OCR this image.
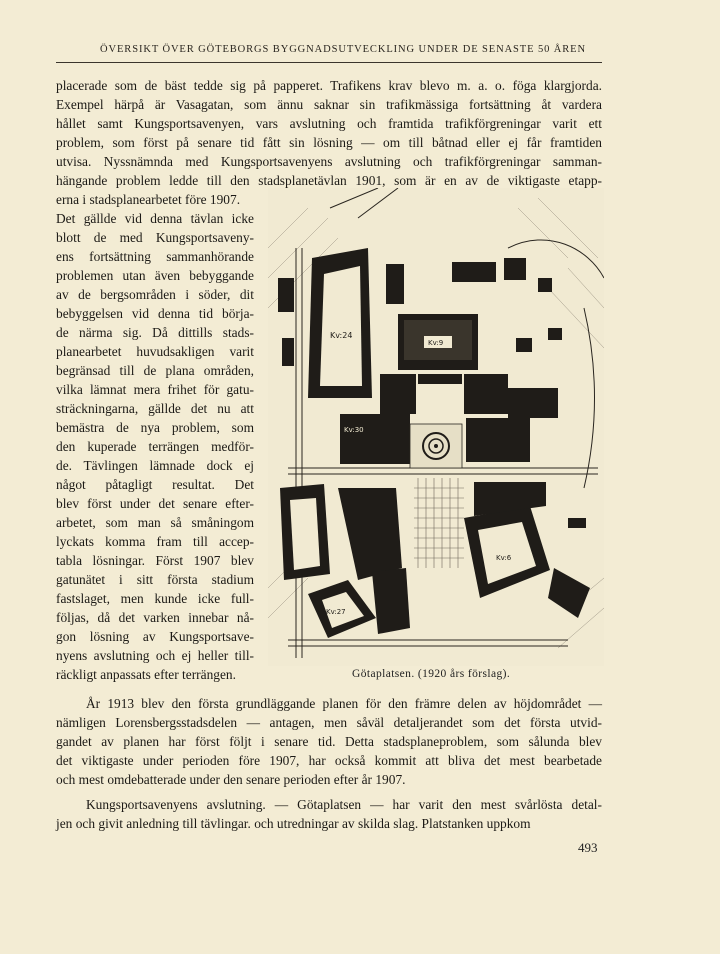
ÖVERSIKT ÖVER GÖTEBORGS BYGGNADSUTVECKLING UNDER DE SENASTE 50 ÅREN
placerade som de bäst tedde sig på papperet. Trafikens krav blevo m. a. o. föga klargjorda.
Exempel härpå är Vasagatan, som ännu saknar sin trafikmässiga fortsättning åt vardera
hållet samt Kungsportsavenyen, vars avslutning och framtida trafikförgreningar varit ett
problem, som först på senare tid fått sin lösning — om till båtnad eller ej får framtiden
utvisa. Nyssnämnda med Kungsportsavenyens avslutning och trafikförgreningar samman-
hängande problem ledde till den stadsplanetävlan 1901, som är en av de viktigaste etapp-
erna i stadsplanearbetet före 1907.
Det gällde vid denna tävlan icke
blott de med Kungsportsaveny-
ens fortsättning sammanhörande
problemen utan även bebyggande
av de bergsområden i söder, dit
bebyggelsen vid denna tid börja-
de närma sig. Då dittills stads-
planearbetet huvudsakligen varit
begränsad till de plana områden,
vilka lämnat mera frihet för gatu-
sträckningarna, gällde det nu att
bemästra de nya problem, som
den kuperade terrängen medför-
de. Tävlingen lämnade dock ej
något påtagligt resultat. Det
blev först under det senare efter-
arbetet, som man så småningom
lyckats komma fram till accep-
tabla lösningar. Först 1907 blev
gatunätet i sitt första stadium
fastslaget, men kunde icke full-
följas, då det varken innebar nå-
gon lösning av Kungsportsave-
nyens avslutning och ej heller till-
räckligt anpassats efter terrängen.
År 1913 blev den första grundläggande planen för den främre delen av höjdområdet —
nämligen Lorensbergsstadsdelen — antagen, men såväl detaljerandet som det första utvid-
gandet av planen har först följt i senare tid. Detta stadsplaneproblem, som sålunda blev
det viktigaste under perioden före 1907, har också kommit att bliva det mest bearbetade
och mest omdebatterade under den senare perioden efter år 1907.
Kungsportsavenyens avslutning. — Götaplatsen — har varit den mest svårlösta detal-
jen och givit anledning till tävlingar. och utredningar av skilda slag. Platstanken uppkom
Kv:24
Kv:9
Kv:30
Kv:27
Kv:6
Götaplatsen. (1920 års förslag).
493
